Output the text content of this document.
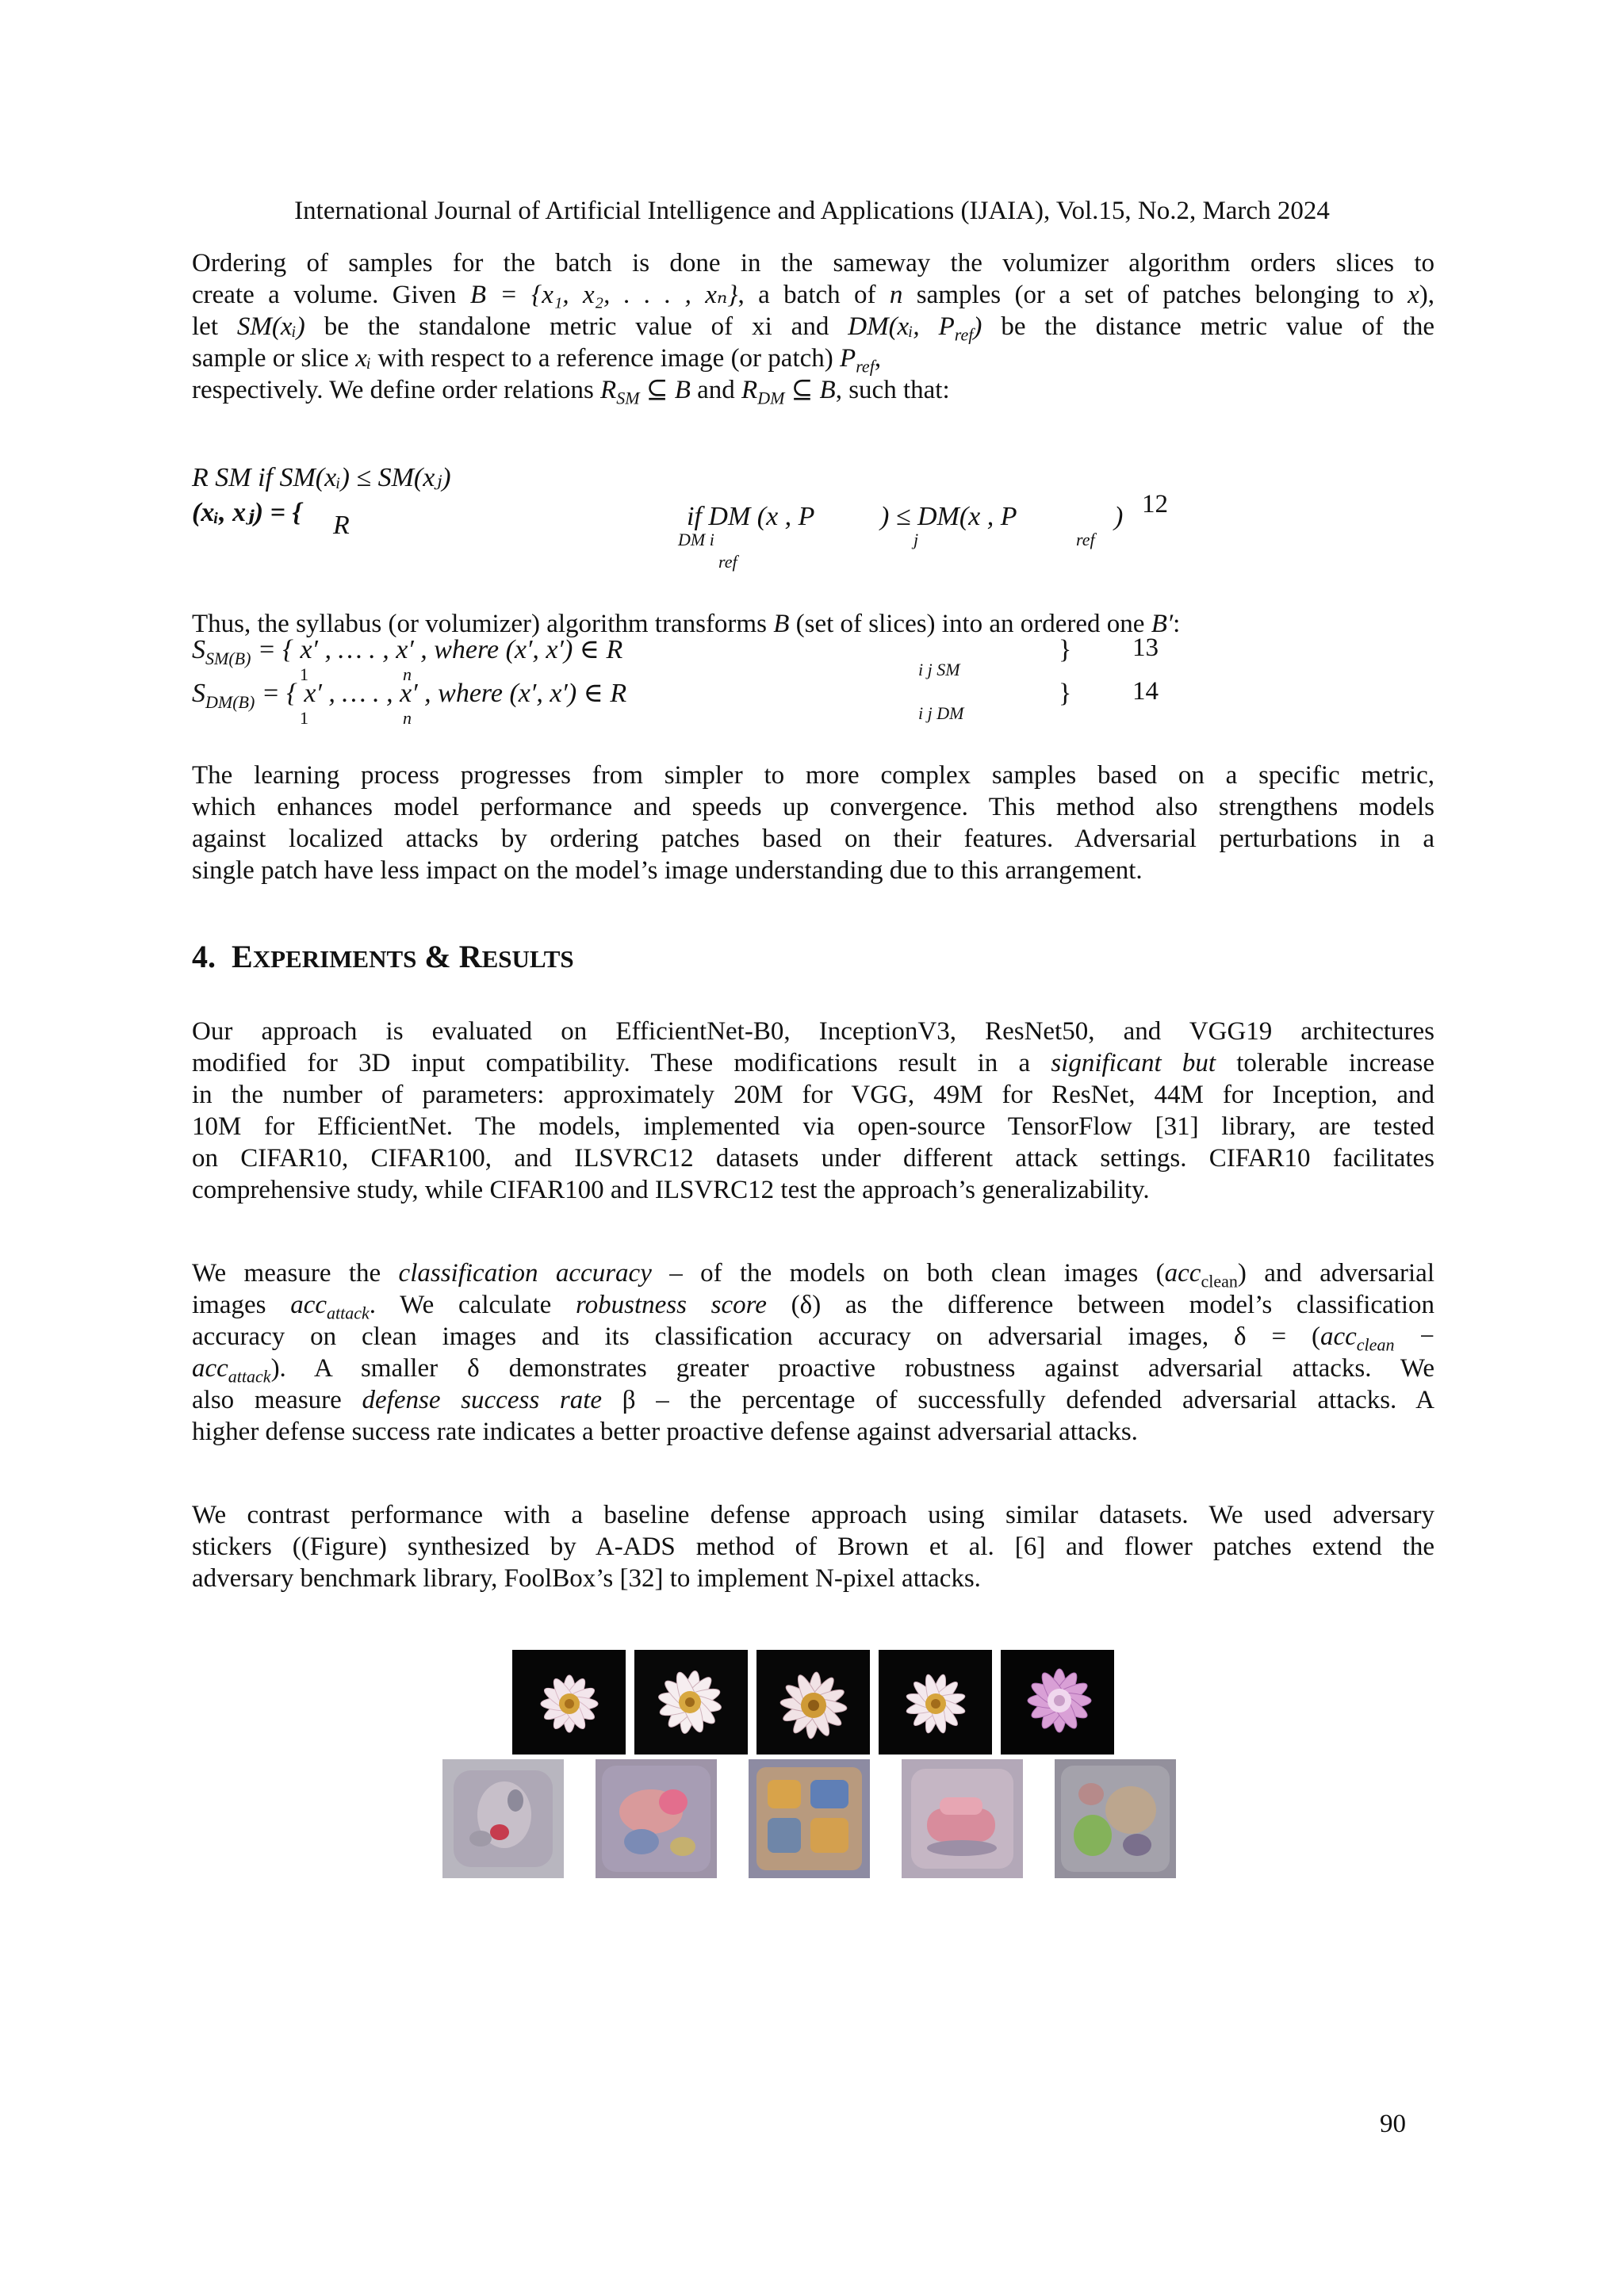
International Journal of Artificial Intelligence and Applications (IJAIA), Vol.15, No.2, March 2024
Ordering of samples for the batch is done in the sameway the volumizer algorithm orders slices to
create a volume. Given B = {x₁, x₂, . . . , xₙ}, a batch of n samples (or a set of patches belonging to x),
let SM(xᵢ) be the standalone metric value of xi and DM(xᵢ, $P_{ref}$) be the distance metric value of the
sample or slice xᵢ with respect to a reference image (or patch) $P_{ref}$,
respectively. We define order relations $R_{SM}$ ⊆ B and $R_{DM}$ ⊆ B, such that:
R SM if SM(xᵢ) ≤ SM(xⱼ)
(xᵢ, xⱼ) = { R	if DM (x , P ) ≤ DM(x , P	)
DM i
ref
j	ref
12
Thus, the syllabus (or volumizer) algorithm transforms B (set of slices) into an ordered one B′:
$S_{SM(B)}$ = { x′ , … . , x′ , where (x′, x′) ∈ R	} 13
1	n	i j SM
$S_{DM(B)}$ = { x′ , … . , x′ , where (x′, x′) ∈ R	} 14
1	n	i j DM
The learning process progresses from simpler to more complex samples based on a specific metric,
which enhances model performance and speeds up convergence. This method also strengthens models
against localized attacks by ordering patches based on their features. Adversarial perturbations in a
single patch have less impact on the model’s image understanding due to this arrangement.
4. EXPERIMENTS & RESULTS
Our approach is evaluated on EfficientNet-B0, InceptionV3, ResNet50, and VGG19 architectures
modified for 3D input compatibility. These modifications result in a significant but tolerable increase
in the number of parameters: approximately 20M for VGG, 49M for ResNet, 44M for Inception, and
10M for EfficientNet. The models, implemented via open-source TensorFlow [31] library, are tested
on CIFAR10, CIFAR100, and ILSVRC12 datasets under different attack settings. CIFAR10 facilitates
comprehensive study, while CIFAR100 and ILSVRC12 test the approach’s generalizability.
We measure the classification accuracy – of the models on both clean images (acc$_{clean}$) and adversarial
images acc$_{attack}$. We calculate robustness score (δ) as the difference between model’s classification
accuracy on clean images and its classification accuracy on adversarial images, δ = (acc$_{clean}$ −
acc$_{attack}$). A smaller δ demonstrates greater proactive robustness against adversarial attacks. We
also measure defense success rate β – the percentage of successfully defended adversarial attacks. A
higher defense success rate indicates a better proactive defense against adversarial attacks.
We contrast performance with a baseline defense approach using similar datasets. We used adversary
stickers ((Figure) synthesized by A-ADS method of Brown et al. [6] and flower patches extend the
adversary benchmark library, FoolBox’s [32] to implement N-pixel attacks.
90
